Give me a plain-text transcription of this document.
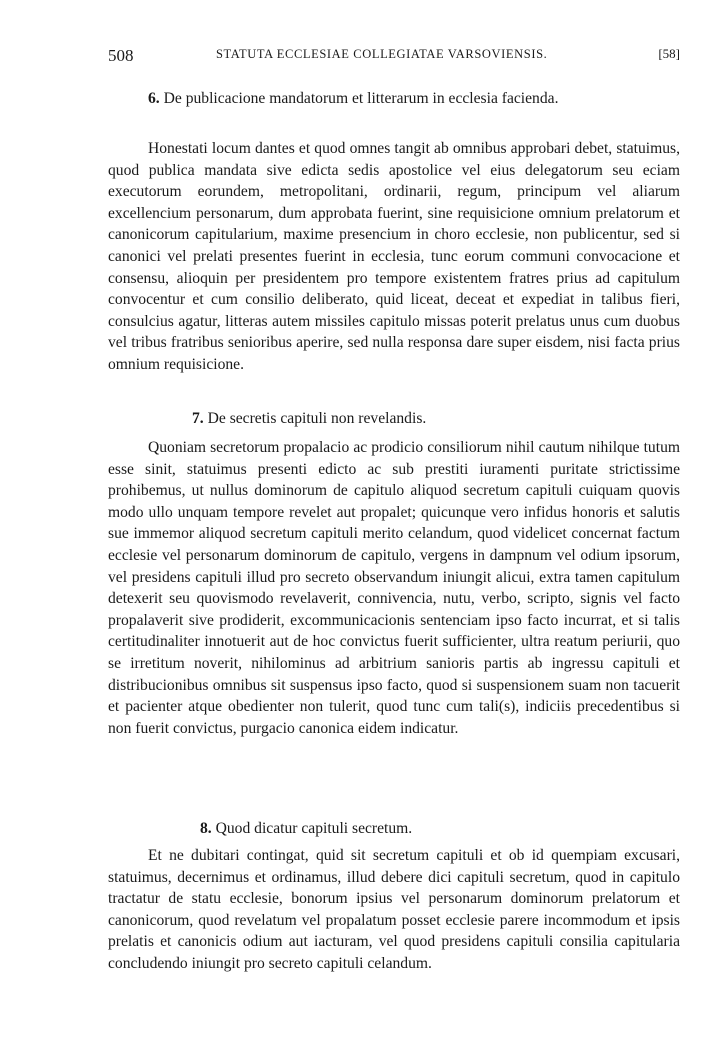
508	STATUTA ECCLESIAE COLLEGIATAE VARSOVIENSIS.	[58]
6. De publicacione mandatorum et litterarum in ecclesia facienda.

Honestati locum dantes et quod omnes tangit ab omnibus approbari debet, statuimus, quod publica mandata sive edicta sedis apostolice vel eius delegatorum seu eciam executorum eorundem, metropolitani, ordinarii, regum, principum vel aliarum excellencium personarum, dum approbata fuerint, sine requisicione omnium prelatorum et canonicorum capitularium, maxime presencium in choro ecclesie, non publicentur, sed si canonici vel prelati presentes fuerint in ecclesia, tunc eorum communi convocacione et consensu, alioquin per presidentem pro tempore existentem fratres prius ad capitulum convocentur et cum consilio deliberato, quid liceat, deceat et expediat in talibus fieri, consulcius agatur, litteras autem missiles capitulo missas poterit prelatus unus cum duobus vel tribus fratribus senioribus aperire, sed nulla responsa dare super eisdem, nisi facta prius omnium requisicione.

7. De secretis capituli non revelandis.

Quoniam secretorum propalacio ac prodicio consiliorum nihil cautum nihilque tutum esse sinit, statuimus presenti edicto ac sub prestiti iuramenti puritate strictissime prohibemus, ut nullus dominorum de capitulo aliquod secretum capituli cuiquam quovis modo ullo unquam tempore revelet aut propalet; quicunque vero infidus honoris et salutis sue immemor aliquod secretum capituli merito celandum, quod videlicet concernat factum ecclesie vel personarum dominorum de capitulo, vergens in dampnum vel odium ipsorum, vel presidens capituli illud pro secreto observandum iniungit alicui, extra tamen capitulum detexerit seu quovismodo revelaverit, connivencia, nutu, verbo, scripto, signis vel facto propalaverit sive prodiderit, excommunicacionis sentenciam ipso facto incurrat, et si talis certitudinaliter innotuerit aut de hoc convictus fuerit sufficienter, ultra reatum periurii, quo se irretitum noverit, nihilominus ad arbitrium sanioris partis ab ingressu capituli et distribucionibus omnibus sit suspensus ipso facto, quod si suspensionem suam non tacuerit et pacienter atque obedienter non tulerit, quod tunc cum tali(s), indiciis precedentibus si non fuerit convictus, purgacio canonica eidem indicatur.

8. Quod dicatur capituli secretum.

Et ne dubitari contingat, quid sit secretum capituli et ob id quempiam excusari, statuimus, decernimus et ordinamus, illud debere dici capituli secretum, quod in capitulo tractatur de statu ecclesie, bonorum ipsius vel personarum dominorum prelatorum et canonicorum, quod revelatum vel propalatum posset ecclesie parere incommodum et ipsis prelatis et canonicis odium aut iacturam, vel quod presidens capituli consilia capitularia concludendo iniungit pro secreto capituli celandum.
